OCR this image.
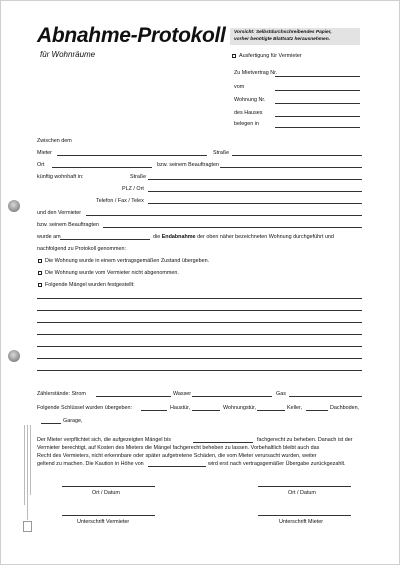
Abnahme-Protokoll
für Wohnräume
Vorsicht: Selbstdurchschreibendes Papier,
vorher benötigte Blattsatz herausnehmen.
Ausfertigung für Vermieter
Zu Mietvertrag Nr.
vom
Wohnung Nr.
des Hauses
belegen in
Zwischen dem
Mieter	Straße
Ort	bzw. seinem Beauftragten
künftig wohnhaft in:	Straße
PLZ / Ort
Telefon / Fax / Telex
und den Vermieter
bzw. seinem Beauftragten
wurde am	die Endabnahme der oben näher bezeichneten Wohnung durchgeführt und
nachfolgend zu Protokoll genommen:
Die Wohnung wurde in einem vertragsgemäßen Zustand übergeben.
Die Wohnung wurde vom Vermieter nicht abgenommen.
Folgende Mängel wurden festgestellt:
Zählerstände: Strom	Wasser	Gas
Folgende Schlüssel wurden übergeben:	Haustür,	Wohnungstür,	Keller,	Dachboden,
Garage,
Der Mieter verpflichtet sich, die aufgezeigten Mängel bis	fachgerecht zu beheben. Danach ist der
Vermieter berechtigt, auf Kosten des Mieters die Mängel fachgerecht beheben zu lassen. Vorbehaltlich bleibt auch das
Recht des Vermieters, nicht erkennbare oder später aufgetretene Schäden, die vom Mieter verursacht wurden, weiter
geltend zu machen. Die Kaution in Höhe von	wird erst nach vertragsgemäßer Übergabe zurückgezahlt.
Ort / Datum	Ort / Datum
Unterschrift Vermieter	Unterschrift Mieter
